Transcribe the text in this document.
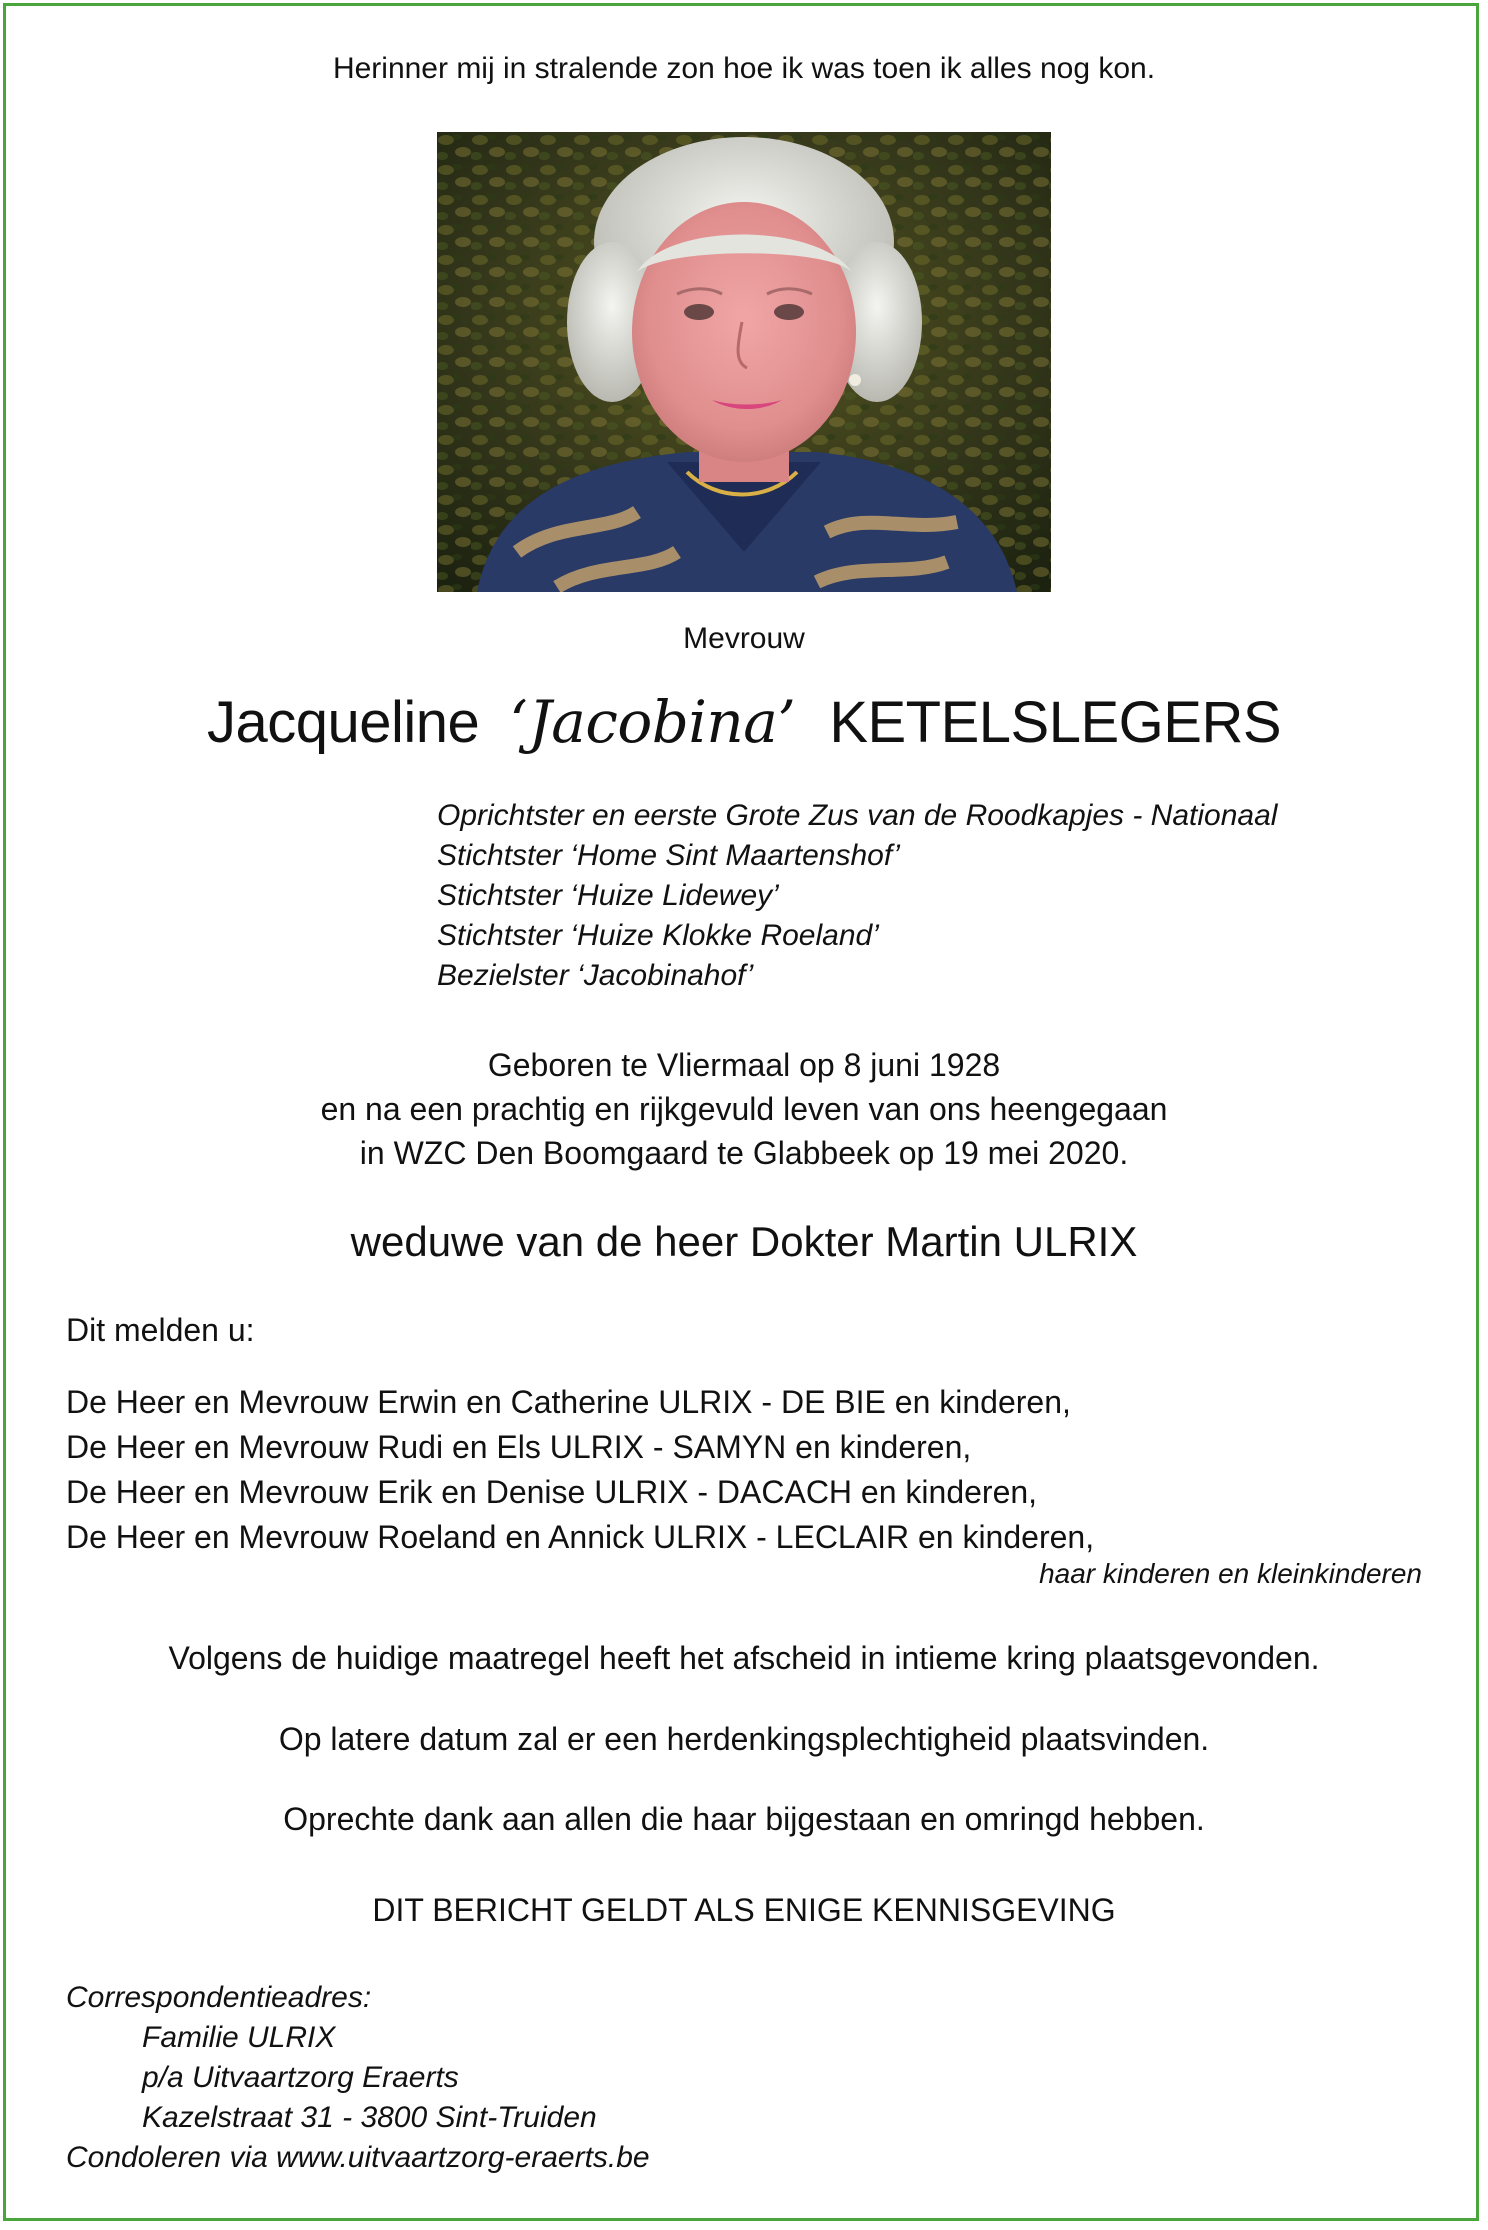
Herinner mij in stralende zon hoe ik was toen ik alles nog kon.
Mevrouw
Jacqueline ‘Jacobina’ KETELSLEGERS
Oprichtster en eerste Grote Zus van de Roodkapjes - Nationaal
Stichtster ‘Home Sint Maartenshof’
Stichtster ‘Huize Lidewey’
Stichtster ‘Huize Klokke Roeland’
Bezielster ‘Jacobinahof’
Geboren te Vliermaal op 8 juni 1928
en na een prachtig en rijkgevuld leven van ons heengegaan
in WZC Den Boomgaard te Glabbeek op 19 mei 2020.
weduwe van de heer Dokter Martin ULRIX
Dit melden u:
De Heer en Mevrouw Erwin en Catherine ULRIX - DE BIE en kinderen,
De Heer en Mevrouw Rudi en Els ULRIX - SAMYN en kinderen,
De Heer en Mevrouw Erik en Denise ULRIX - DACACH en kinderen,
De Heer en Mevrouw Roeland en Annick ULRIX - LECLAIR en kinderen,
haar kinderen en kleinkinderen
Volgens de huidige maatregel heeft het afscheid in intieme kring plaatsgevonden.
Op latere datum zal er een herdenkingsplechtigheid plaatsvinden.
Oprechte dank aan allen die haar bijgestaan en omringd hebben.
DIT BERICHT GELDT ALS ENIGE KENNISGEVING
Correspondentieadres:
Familie ULRIX
p/a Uitvaartzorg Eraerts
Kazelstraat 31 - 3800 Sint-Truiden
Condoleren via www.uitvaartzorg-eraerts.be
